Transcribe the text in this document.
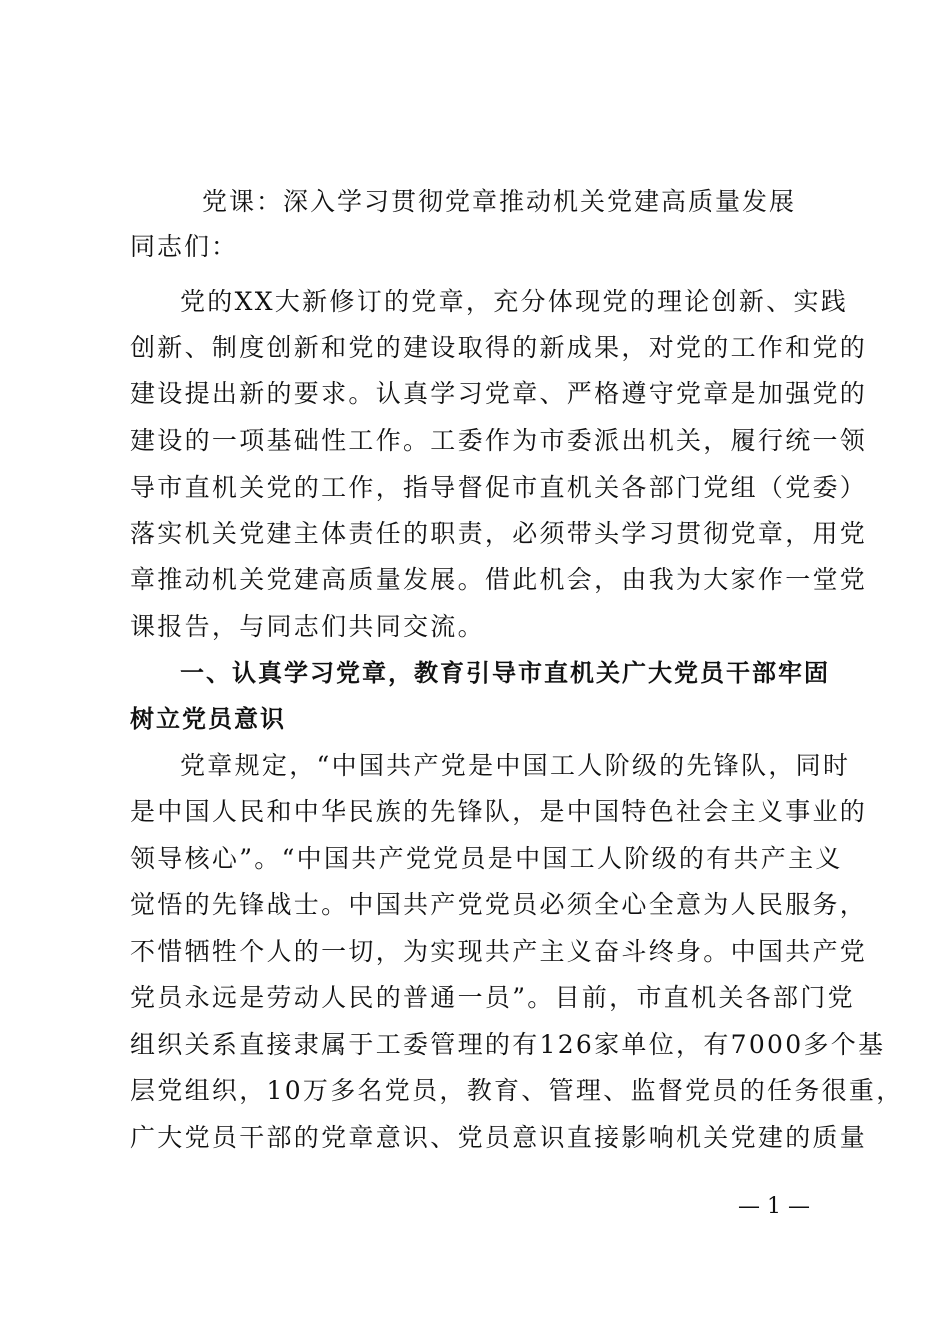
党课：深入学习贯彻党章推动机关党建高质量发展
同志们：
党的XX大新修订的党章，充分体现党的理论创新、实践
创新、制度创新和党的建设取得的新成果，对党的工作和党的
建设提出新的要求。认真学习党章、严格遵守党章是加强党的
建设的一项基础性工作。工委作为市委派出机关，履行统一领
导市直机关党的工作，指导督促市直机关各部门党组（党委）
落实机关党建主体责任的职责，必须带头学习贯彻党章，用党
章推动机关党建高质量发展。借此机会，由我为大家作一堂党
课报告，与同志们共同交流。
一、认真学习党章，教育引导市直机关广大党员干部牢固
树立党员意识
党章规定，“中国共产党是中国工人阶级的先锋队，同时
是中国人民和中华民族的先锋队，是中国特色社会主义事业的
领导核心”。“中国共产党党员是中国工人阶级的有共产主义
觉悟的先锋战士。中国共产党党员必须全心全意为人民服务，
不惜牺牲个人的一切，为实现共产主义奋斗终身。中国共产党
党员永远是劳动人民的普通一员”。目前，市直机关各部门党
组织关系直接隶属于工委管理的有126家单位，有7000多个基
层党组织，10万多名党员，教育、管理、监督党员的任务很重，
广大党员干部的党章意识、党员意识直接影响机关党建的质量
— 1 —
